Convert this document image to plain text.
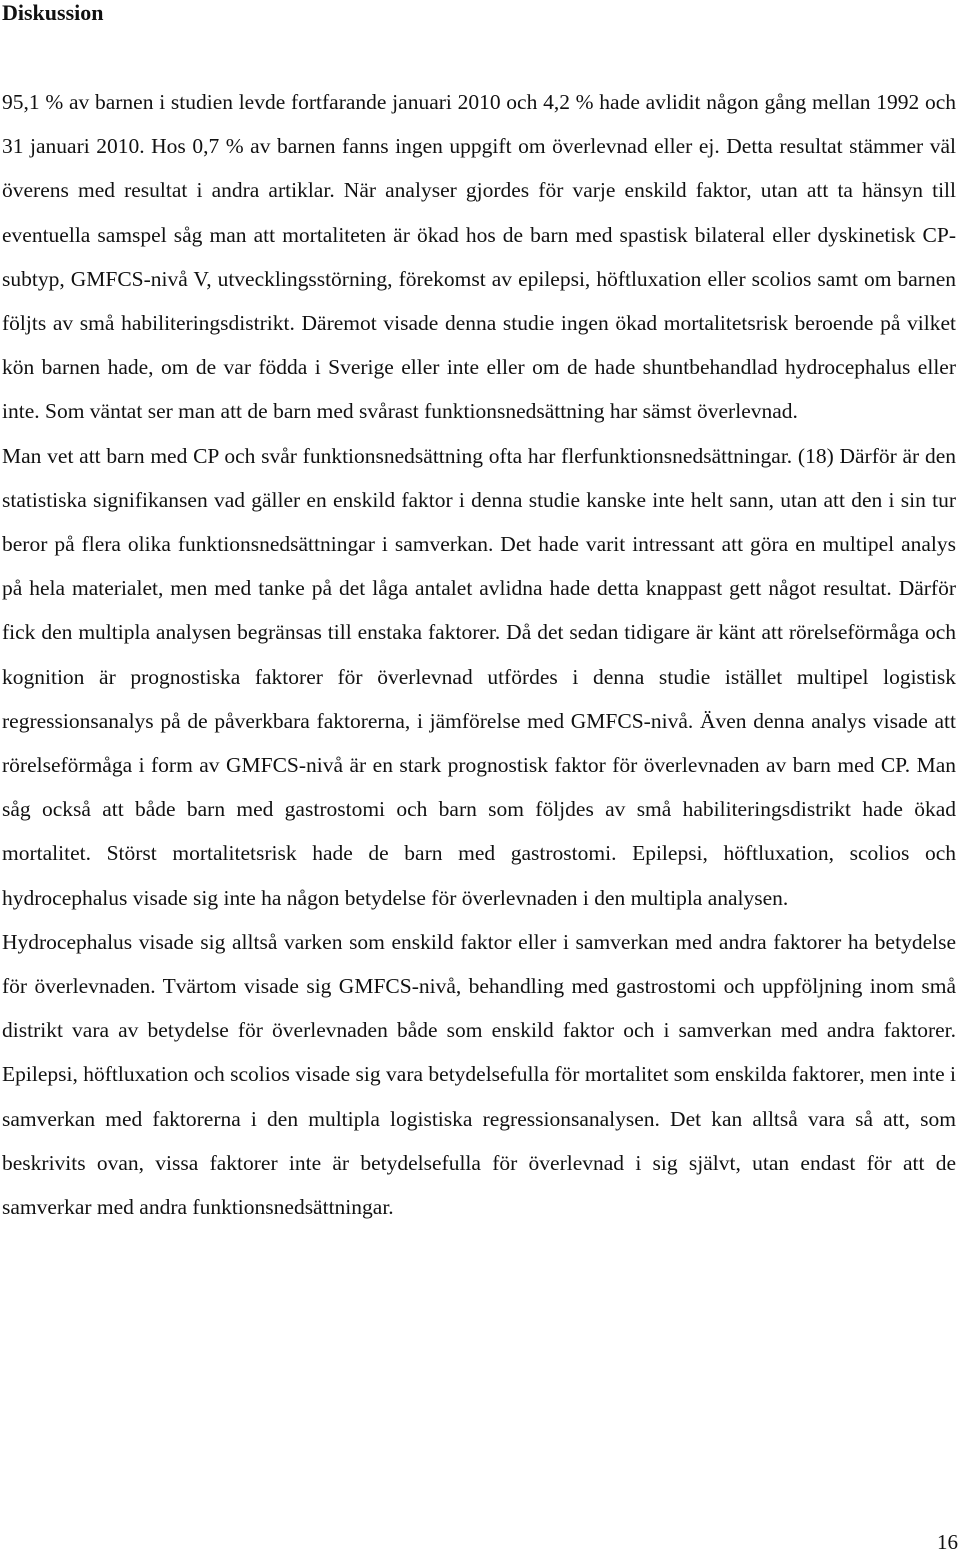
Diskussion

95,1 % av barnen i studien levde fortfarande januari 2010 och 4,2 % hade avlidit någon gång mellan 1992 och 31 januari 2010. Hos 0,7 % av barnen fanns ingen uppgift om överlevnad eller ej. Detta resultat stämmer väl överens med resultat i andra artiklar. När analyser gjordes för varje enskild faktor, utan att ta hänsyn till eventuella samspel såg man att mortaliteten är ökad hos de barn med spastisk bilateral eller dyskinetisk CP-subtyp, GMFCS-nivå V, utvecklingsstörning, förekomst av epilepsi, höftluxation eller scolios samt om barnen följts av små habiliteringsdistrikt. Däremot visade denna studie ingen ökad mortalitetsrisk beroende på vilket kön barnen hade, om de var födda i Sverige eller inte eller om de hade shuntbehandlad hydrocephalus eller inte. Som väntat ser man att de barn med svårast funktionsnedsättning har sämst överlevnad.

Man vet att barn med CP och svår funktionsnedsättning ofta har flerfunktionsnedsättningar. (18) Därför är den statistiska signifikansen vad gäller en enskild faktor i denna studie kanske inte helt sann, utan att den i sin tur beror på flera olika funktionsnedsättningar i samverkan. Det hade varit intressant att göra en multipel analys på hela materialet, men med tanke på det låga antalet avlidna hade detta knappast gett något resultat. Därför fick den multipla analysen begränsas till enstaka faktorer. Då det sedan tidigare är känt att rörelseförmåga och kognition är prognostiska faktorer för överlevnad utfördes i denna studie istället multipel logistisk regressionsanalys på de påverkbara faktorerna, i jämförelse med GMFCS-nivå. Även denna analys visade att rörelseförmåga i form av GMFCS-nivå är en stark prognostisk faktor för överlevnaden av barn med CP. Man såg också att både barn med gastrostomi och barn som följdes av små habiliteringsdistrikt hade ökad mortalitet. Störst mortalitetsrisk hade de barn med gastrostomi. Epilepsi, höftluxation, scolios och hydrocephalus visade sig inte ha någon betydelse för överlevnaden i den multipla analysen.

Hydrocephalus visade sig alltså varken som enskild faktor eller i samverkan med andra faktorer ha betydelse för överlevnaden. Tvärtom visade sig GMFCS-nivå, behandling med gastrostomi och uppföljning inom små distrikt vara av betydelse för överlevnaden både som enskild faktor och i samverkan med andra faktorer. Epilepsi, höftluxation och scolios visade sig vara betydelsefulla för mortalitet som enskilda faktorer, men inte i samverkan med faktorerna i den multipla logistiska regressionsanalysen. Det kan alltså vara så att, som beskrivits ovan, vissa faktorer inte är betydelsefulla för överlevnad i sig självt, utan endast för att de samverkar med andra funktionsnedsättningar.

16
